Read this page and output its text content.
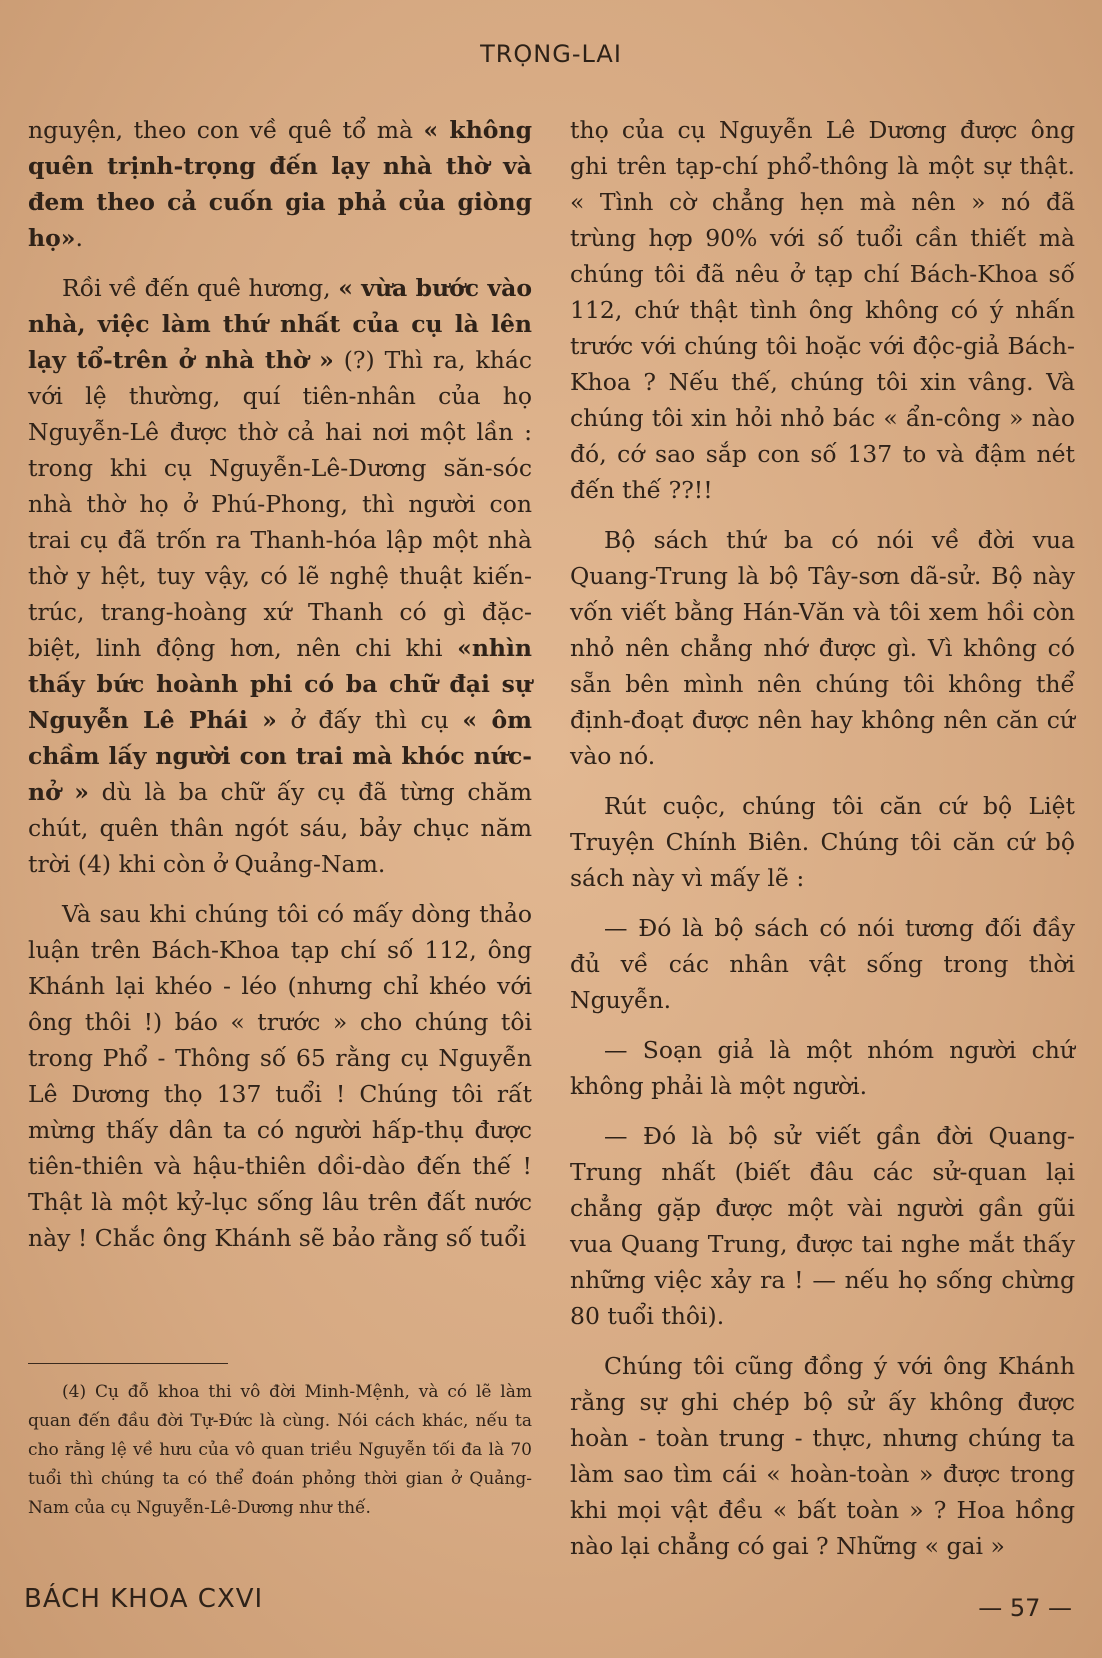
TRỌNG-LAI

nguyện, theo con về quê tổ mà « không quên trịnh-trọng đến lạy nhà thờ và đem theo cả cuốn gia phả của giòng họ».

Rồi về đến quê hương, « vừa bước vào nhà, việc làm thứ nhất của cụ là lên lạy tổ-trên ở nhà thờ » (?) Thì ra, khác với lệ thường, quí tiên-nhân của họ Nguyễn-Lê được thờ cả hai nơi một lần : trong khi cụ Nguyễn-Lê-Dương săn-sóc nhà thờ họ ở Phú-Phong, thì người con trai cụ đã trốn ra Thanh-hóa lập một nhà thờ y hệt, tuy vậy, có lẽ nghệ thuật kiến-trúc, trang-hoàng xứ Thanh có gì đặc-biệt, linh động hơn, nên chi khi «nhìn thấy bức hoành phi có ba chữ đại sự Nguyễn Lê Phái » ở đấy thì cụ « ôm chầm lấy người con trai mà khóc nức-nở » dù là ba chữ ấy cụ đã từng chăm chút, quên thân ngót sáu, bảy chục năm trời (4) khi còn ở Quảng-Nam.

Và sau khi chúng tôi có mấy dòng thảo luận trên Bách-Khoa tạp chí số 112, ông Khánh lại khéo - léo (nhưng chỉ khéo với ông thôi !) báo « trước » cho chúng tôi trong Phổ - Thông số 65 rằng cụ Nguyễn Lê Dương thọ 137 tuổi ! Chúng tôi rất mừng thấy dân ta có người hấp-thụ được tiên-thiên và hậu-thiên dồi-dào đến thế ! Thật là một kỷ-lục sống lâu trên đất nước này ! Chắc ông Khánh sẽ bảo rằng số tuổi

(4) Cụ đỗ khoa thi vô đời Minh-Mệnh, và có lẽ làm quan đến đầu đời Tự-Đức là cùng. Nói cách khác, nếu ta cho rằng lệ về hưu của vô quan triều Nguyễn tối đa là 70 tuổi thì chúng ta có thể đoán phỏng thời gian ở Quảng-Nam của cụ Nguyễn-Lê-Dương như thế.

thọ của cụ Nguyễn Lê Dương được ông ghi trên tạp-chí phổ-thông là một sự thật. « Tình cờ chẳng hẹn mà nên » nó đã trùng hợp 90% với số tuổi cần thiết mà chúng tôi đã nêu ở tạp chí Bách-Khoa số 112, chứ thật tình ông không có ý nhấn trước với chúng tôi hoặc với độc-giả Bách-Khoa ? Nếu thế, chúng tôi xin vâng. Và chúng tôi xin hỏi nhỏ bác « ẩn-công » nào đó, cớ sao sắp con số 137 to và đậm nét đến thế ??!!

Bộ sách thứ ba có nói về đời vua Quang-Trung là bộ Tây-sơn dã-sử. Bộ này vốn viết bằng Hán-Văn và tôi xem hồi còn nhỏ nên chẳng nhớ được gì. Vì không có sẵn bên mình nên chúng tôi không thể định-đoạt được nên hay không nên căn cứ vào nó.

Rút cuộc, chúng tôi căn cứ bộ Liệt Truyện Chính Biên. Chúng tôi căn cứ bộ sách này vì mấy lẽ :

— Đó là bộ sách có nói tương đối đầy đủ về các nhân vật sống trong thời Nguyễn.

— Soạn giả là một nhóm người chứ không phải là một người.

— Đó là bộ sử viết gần đời Quang-Trung nhất (biết đâu các sử-quan lại chẳng gặp được một vài người gần gũi vua Quang Trung, được tai nghe mắt thấy những việc xảy ra ! — nếu họ sống chừng 80 tuổi thôi).

Chúng tôi cũng đồng ý với ông Khánh rằng sự ghi chép bộ sử ấy không được hoàn - toàn trung - thực, nhưng chúng ta làm sao tìm cái « hoàn-toàn » được trong khi mọi vật đều « bất toàn » ? Hoa hồng nào lại chẳng có gai ? Những « gai »

BÁCH KHOA CXVI	— 57 —
